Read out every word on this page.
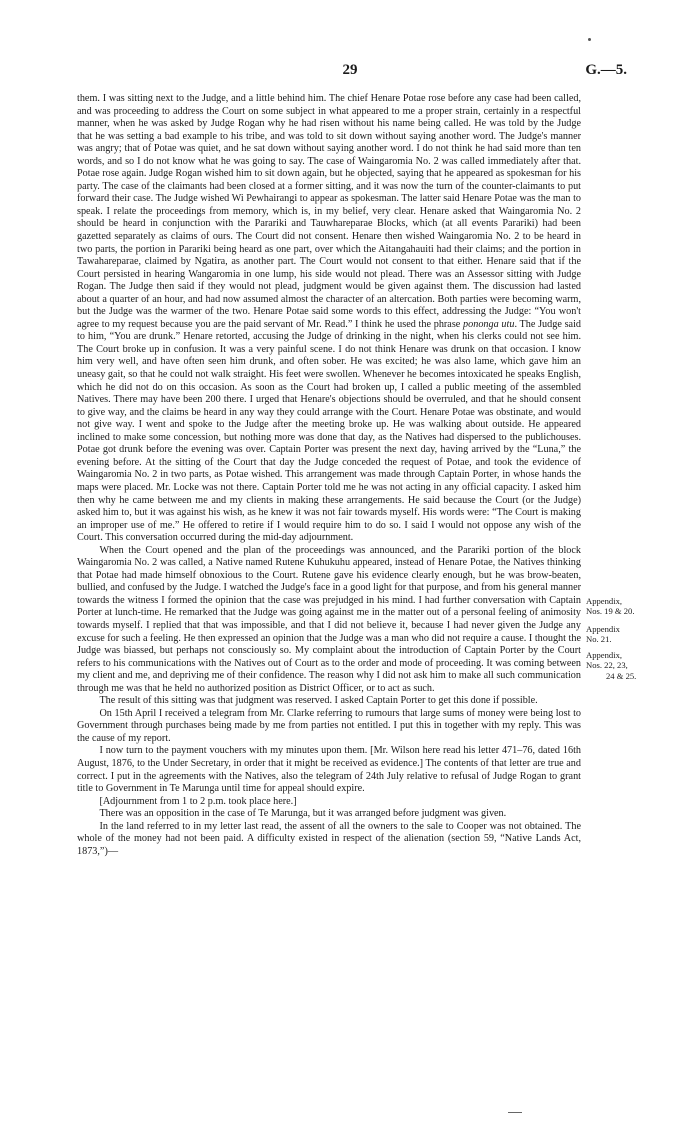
29	G.—5.

them. I was sitting next to the Judge, and a little behind him. The chief Henare Potae rose before any case had been called, and was proceeding to address the Court on some subject in what appeared to me a proper strain, certainly in a respectful manner, when he was asked by Judge Rogan why he had risen without his name being called. He was told by the Judge that he was setting a bad example to his tribe, and was told to sit down without saying another word. The Judge's manner was angry; that of Potae was quiet, and he sat down without saying another word. I do not think he had said more than ten words, and so I do not know what he was going to say. The case of Waingaromia No. 2 was called immediately after that. Potae rose again. Judge Rogan wished him to sit down again, but he objected, saying that he appeared as spokesman for his party. The case of the claimants had been closed at a former sitting, and it was now the turn of the counter-claimants to put forward their case. The Judge wished Wi Pewhairangi to appear as spokesman. The latter said Henare Potae was the man to speak. I relate the proceedings from memory, which is, in my belief, very clear. Henare asked that Waingaromia No. 2 should be heard in conjunction with the Parariki and Tauwhareparae Blocks, which (at all events Parariki) had been gazetted separately as claims of ours. The Court did not consent. Henare then wished Waingaromia No. 2 to be heard in two parts, the portion in Parariki being heard as one part, over which the Aitangahauiti had their claims; and the portion in Tawahareparae, claimed by Ngatira, as another part. The Court would not consent to that either. Henare said that if the Court persisted in hearing Wangaromia in one lump, his side would not plead. There was an Assessor sitting with Judge Rogan. The Judge then said if they would not plead, judgment would be given against them. The discussion had lasted about a quarter of an hour, and had now assumed almost the character of an altercation. Both parties were becoming warm, but the Judge was the warmer of the two. Henare Potae said some words to this effect, addressing the Judge: “You won't agree to my request because you are the paid servant of Mr. Read.” I think he used the phrase pononga utu. The Judge said to him, “You are drunk.” Henare retorted, accusing the Judge of drinking in the night, when his clerks could not see him. The Court broke up in confusion. It was a very painful scene. I do not think Henare was drunk on that occasion. I know him very well, and have often seen him drunk, and often sober. He was excited; he was also lame, which gave him an uneasy gait, so that he could not walk straight. His feet were swollen. Whenever he becomes intoxicated he speaks English, which he did not do on this occasion. As soon as the Court had broken up, I called a public meeting of the assembled Natives. There may have been 200 there. I urged that Henare's objections should be overruled, and that he should consent to give way, and the claims be heard in any way they could arrange with the Court. Henare Potae was obstinate, and would not give way. I went and spoke to the Judge after the meeting broke up. He was walking about outside. He appeared inclined to make some concession, but nothing more was done that day, as the Natives had dispersed to the publichouses. Potae got drunk before the evening was over. Captain Porter was present the next day, having arrived by the “Luna,” the evening before. At the sitting of the Court that day the Judge conceded the request of Potae, and took the evidence of Waingaromia No. 2 in two parts, as Potae wished. This arrangement was made through Captain Porter, in whose hands the maps were placed. Mr. Locke was not there. Captain Porter told me he was not acting in any official capacity. I asked him then why he came between me and my clients in making these arrangements. He said because the Court (or the Judge) asked him to, but it was against his wish, as he knew it was not fair towards myself. His words were: “The Court is making an improper use of me.” He offered to retire if I would require him to do so. I said I would not oppose any wish of the Court. This conversation occurred during the mid-day adjournment.

When the Court opened and the plan of the proceedings was announced, and the Parariki portion of the block Waingaromia No. 2 was called, a Native named Rutene Kuhukuhu appeared, instead of Henare Potae, the Natives thinking that Potae had made himself obnoxious to the Court. Rutene gave his evidence clearly enough, but he was brow-beaten, bullied, and confused by the Judge. I watched the Judge's face in a good light for that purpose, and from his general manner towards the witness I formed the opinion that the case was prejudged in his mind. I had further conversation with Captain Porter at lunch-time. He remarked that the Judge was going against me in the matter out of a personal feeling of animosity towards myself. I replied that that was impossible, and that I did not believe it, because I had never given the Judge any excuse for such a feeling. He then expressed an opinion that the Judge was a man who did not require a cause. I thought the Judge was biassed, but perhaps not consciously so. My complaint about the introduction of Captain Porter by the Court refers to his communications with the Natives out of Court as to the order and mode of proceeding. It was coming between my client and me, and depriving me of their confidence. The reason why I did not ask him to make all such communication through me was that he held no authorized position as District Officer, or to act as such.

The result of this sitting was that judgment was reserved. I asked Captain Porter to get this done if possible.

On 15th April I received a telegram from Mr. Clarke referring to rumours that large sums of money were being lost to Government through purchases being made by me from parties not entitled. I put this in together with my reply. This was the cause of my report.

I now turn to the payment vouchers with my minutes upon them. [Mr. Wilson here read his letter 471–76, dated 16th August, 1876, to the Under Secretary, in order that it might be received as evidence.] The contents of that letter are true and correct. I put in the agreements with the Natives, also the telegram of 24th July relative to refusal of Judge Rogan to grant title to Government in Te Marunga until time for appeal should expire.

[Adjournment from 1 to 2 p.m. took place here.]

There was an opposition in the case of Te Marunga, but it was arranged before judgment was given.

In the land referred to in my letter last read, the assent of all the owners to the sale to Cooper was not obtained. The whole of the money had not been paid. A difficulty existed in respect of the alienation (section 59, “Native Lands Act, 1873,”)—

Appendix,
Nos. 19 & 20.
Appendix
No. 21.
Appendix,
Nos. 22, 23,
24 & 25.
